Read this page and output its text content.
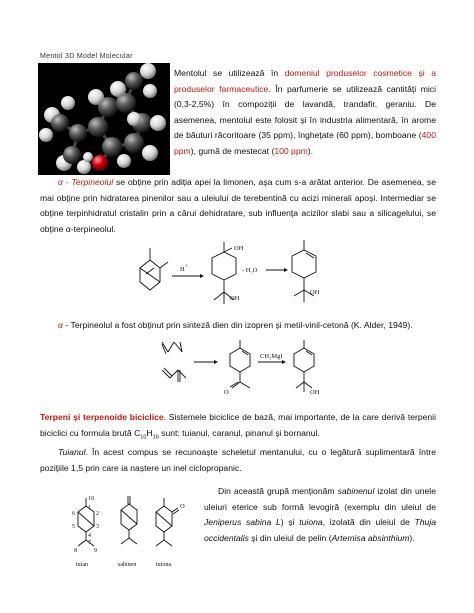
Mentol 3D Model Molecular

Mentolul se utilizează în domeniul produselor cosmetice și a produselor farmaceutice. În parfumerie se utilizează cantități mici (0,3-2,5%) în compoziții de lavandă, trandafir, geraniu. De asemenea, mentolul este folosit și în industria alimentară, în arome de băuturi răcoritoare (35 ppm), înghețate (60 ppm), bomboane (400 ppm), gumă de mestecat (100 ppm).

α - Terpineolul se obține prin adiția apei la limonen, așa cum s-a arătat anterior. De asemenea, se mai obține prin hidratarea pinenilor sau a uleiului de terebentină cu acizi minerali apoși. Intermediar se obține terpinhidratul cristalin prin a cărui dehidratare, sub influența acizilor slabi sau a silicagelului, se obține α-terpineolul.

H +
OH
OH
- H₂O
OH

α - Terpineolul a fost obținut prin sinteză dien din izopren și metil-vinil-cetonă (K. Alder, 1949).

O
CH₃MgI
OH

Terpeni și terpenoide biciclice. Sistemele biciclice de bază, mai importante, de la care derivă terpenii biciclici cu formula brută $C_{10}H_{16}$ sunt: tuianul, caranul, pinanul și bornanul.

Tuianul. În acest compus se recunoaște scheletul mentanului, cu o legătură suplimentară între pozițiile 1,5 prin care ia naștere un inel ciclopropanic.

10
1
2
3
4
5
6
7
8	9
O
tuian	sabinen	tuiona

Din această grupă menționăm sabinenul izolat din unele uleiuri eterice sub formă levogiră (exemplu din uleiul de Jeniperus sabina L) și tuiona, izolată din uleiul de Thuja occidentalis și din uleiul de pelin (Artemisa absinthium).
